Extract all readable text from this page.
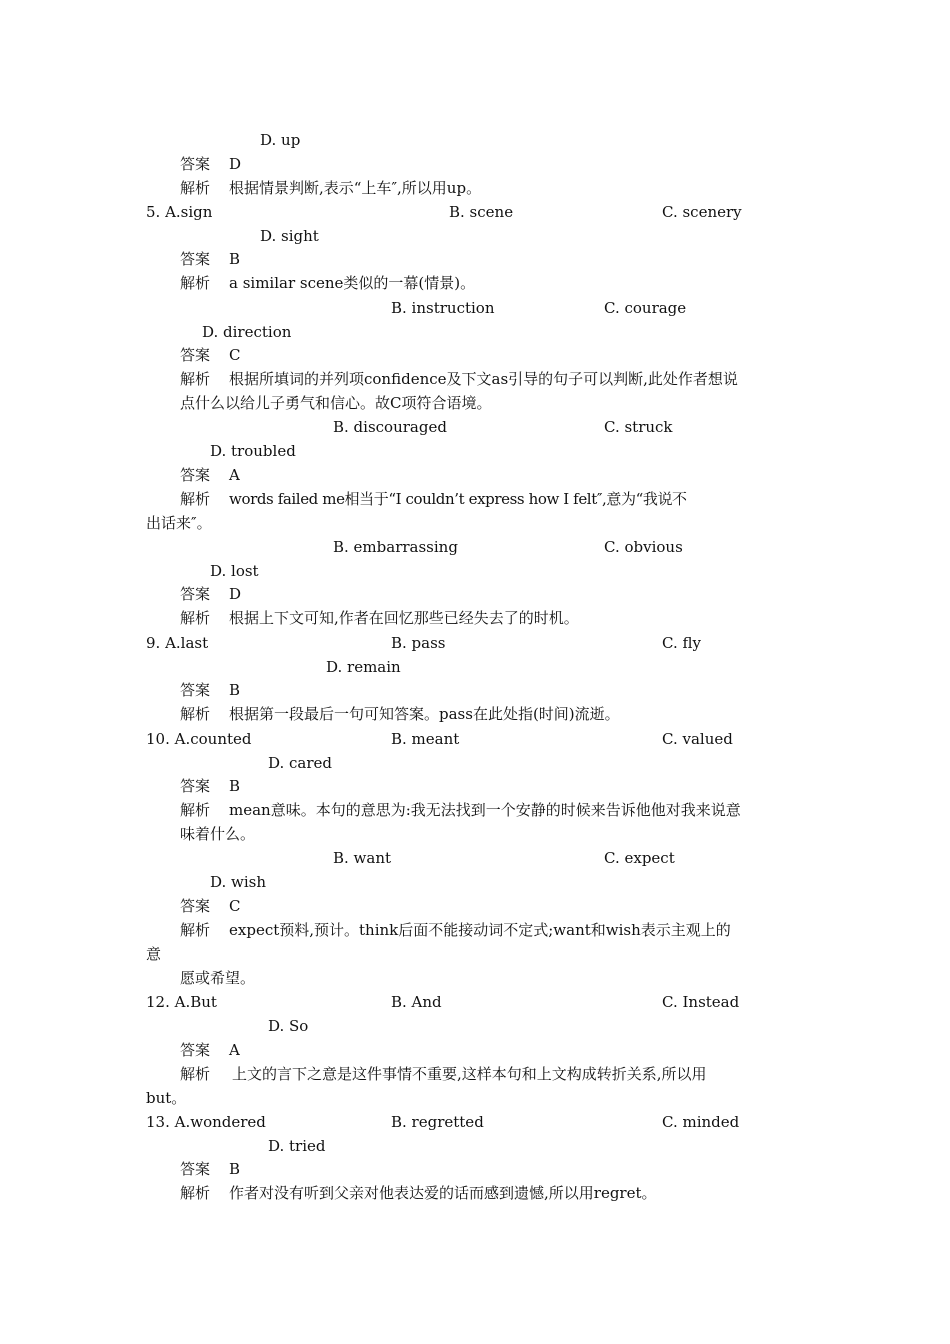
D. up
答案 D
解析 根据情景判断,表示“上车″,所以用up。
5. A.sign	B. scene	C. scenery
D. sight
答案 B
解析 a similar scene类似的一幕(情景)。
B. instruction	C. courage
D. direction
答案 C
解析 根据所填词的并列项confidence及下文as引导的句子可以判断,此处作者想说
点什么以给儿子勇气和信心。故C项符合语境。
B. discouraged	C. struck
D. troubled
答案 A
解析 words failed me相当于“I couldn’t express how I felt″,意为“我说不
出话来″。
B. embarrassing	C. obvious
D. lost
答案 D
解析 根据上下文可知,作者在回忆那些已经失去了的时机。
9. A.last	B. pass	C. fly
D. remain
答案 B
解析 根据第一段最后一句可知答案。pass在此处指(时间)流逝。
10. A.counted	B. meant	C. valued
D. cared
答案 B
解析 mean意味。本句的意思为:我无法找到一个安静的时候来告诉他他对我来说意
味着什么。
B. want	C. expect
D. wish
答案 C
解析 expect预料,预计。think后面不能接动词不定式;want和wish表示主观上的
意
愿或希望。
12. A.But	B. And	C. Instead
D. So
答案 A
解析 上文的言下之意是这件事情不重要,这样本句和上文构成转折关系,所以用
but。
13. A.wondered	B. regretted	C. minded
D. tried
答案 B
解析 作者对没有听到父亲对他表达爱的话而感到遗憾,所以用regret。
